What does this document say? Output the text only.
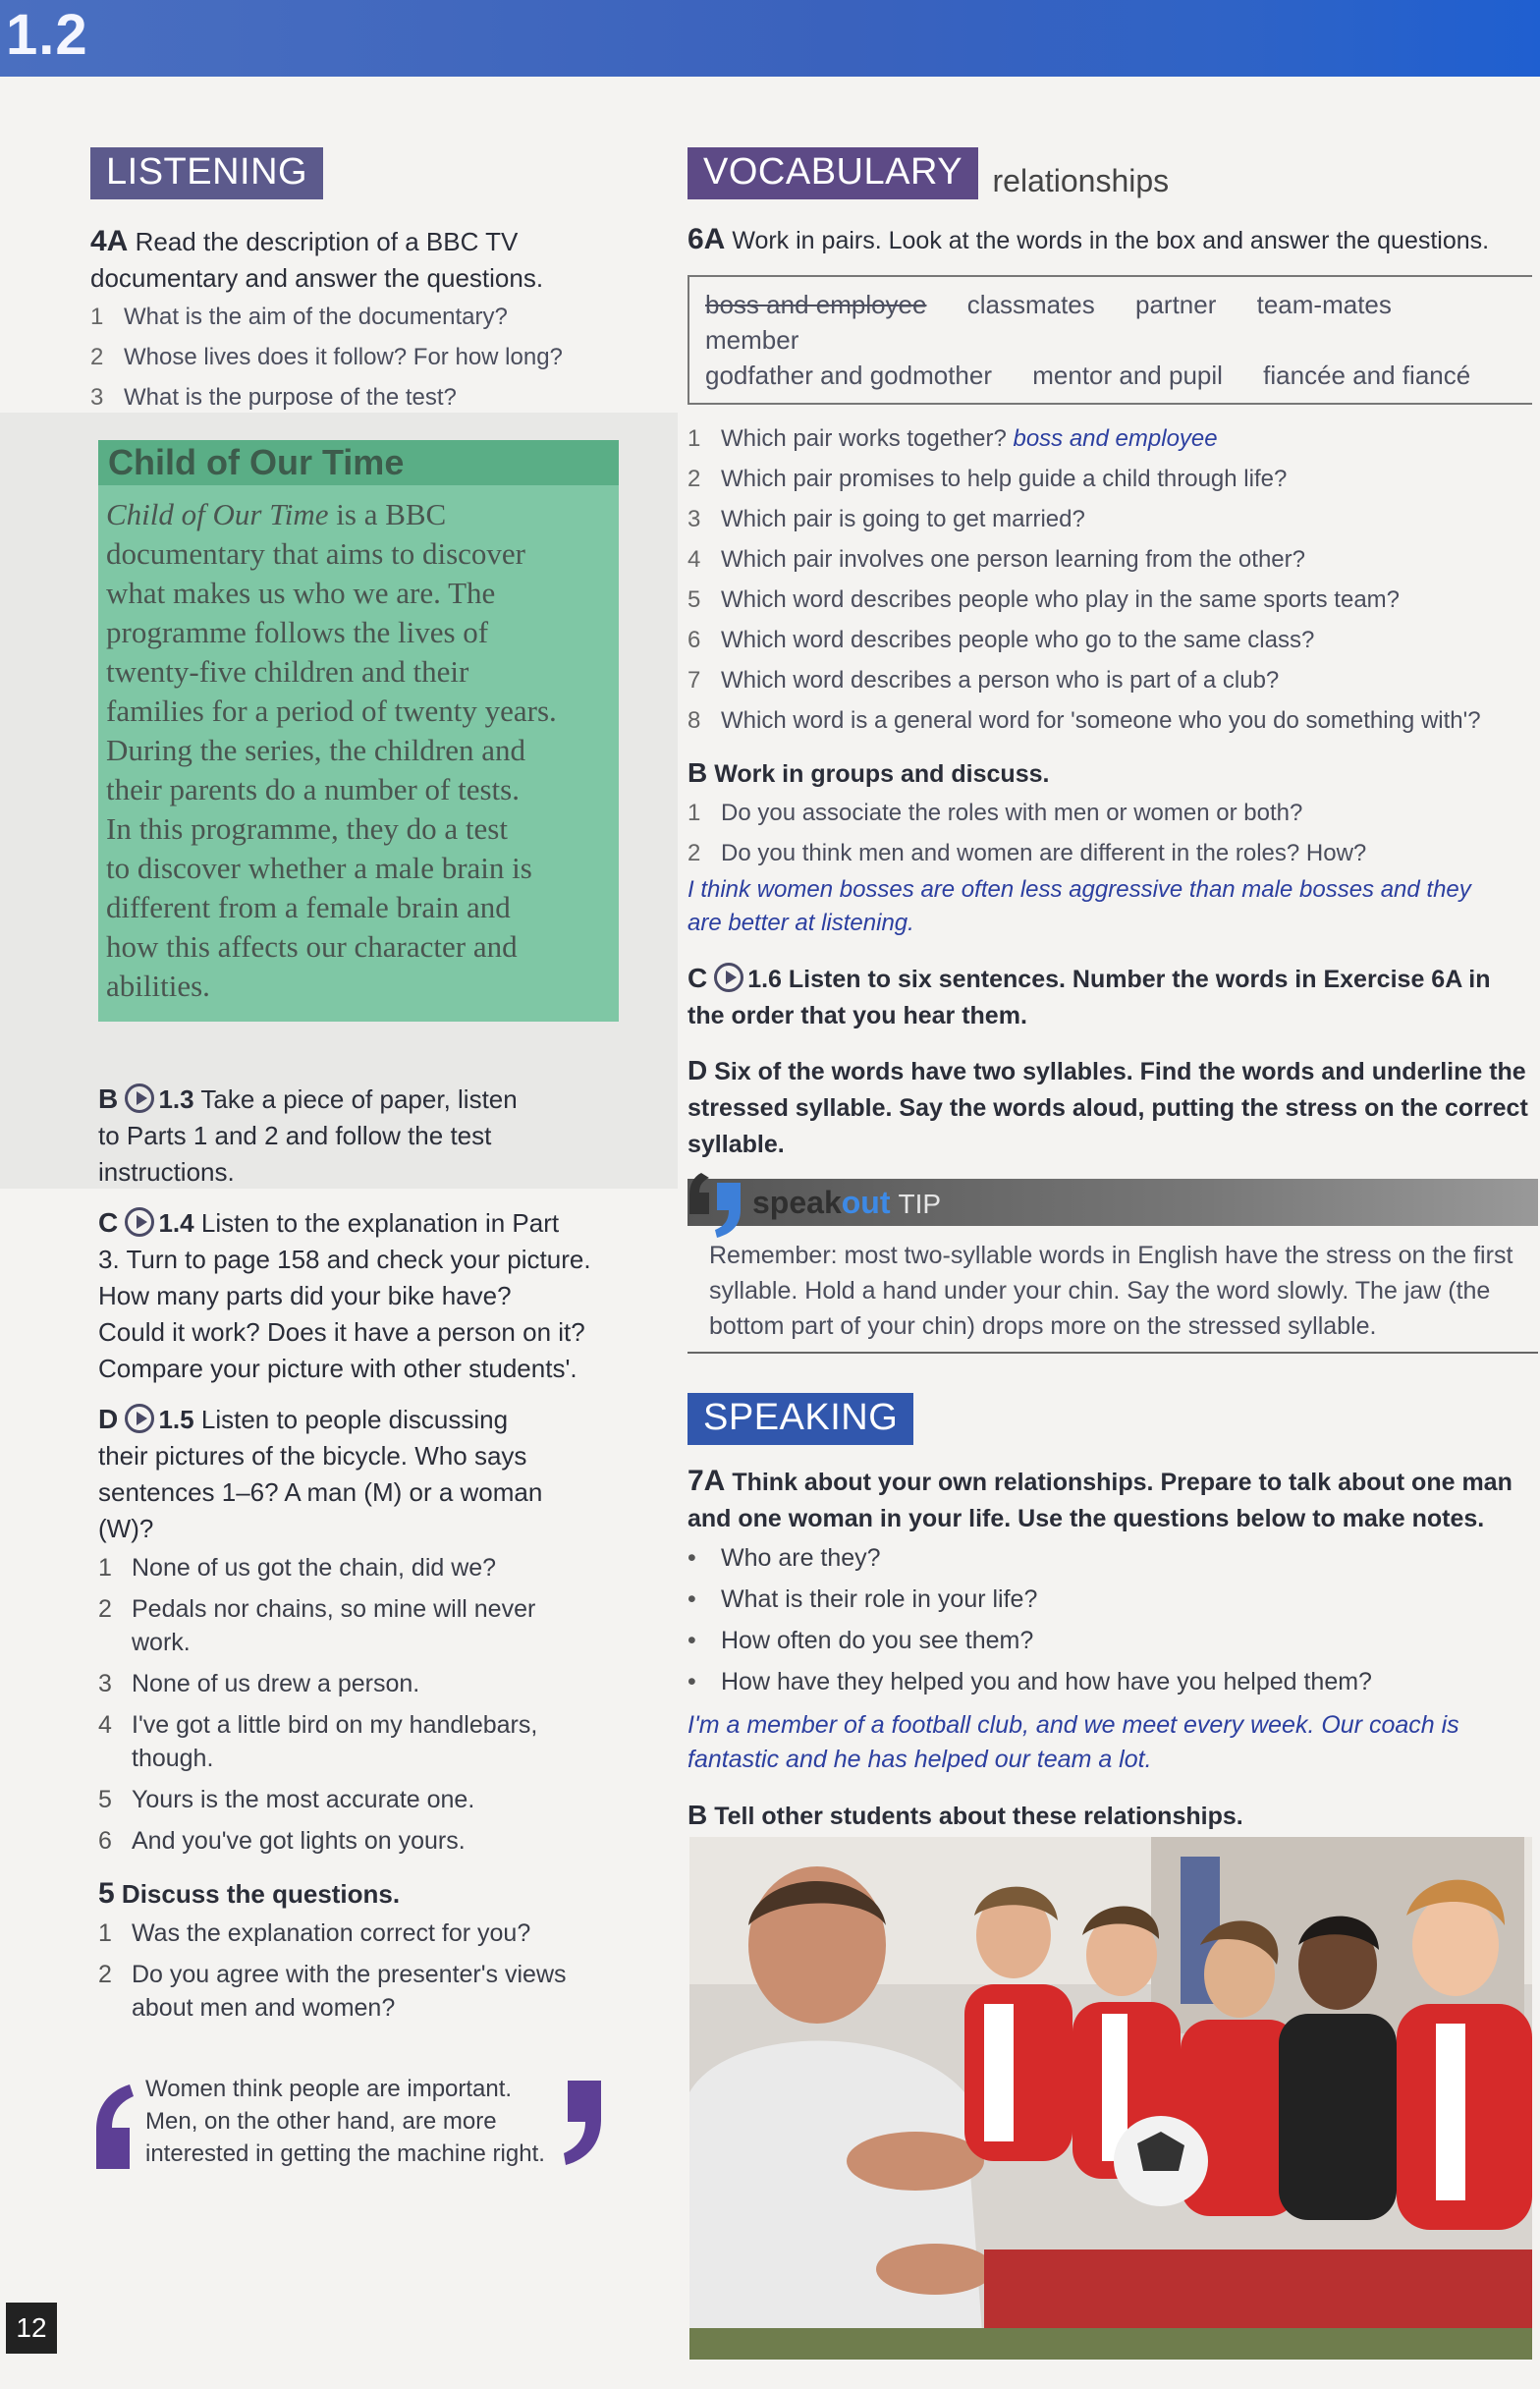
1.2
LISTENING
4A Read the description of a BBC TV
documentary and answer the questions.
1 What is the aim of the documentary?
2 Whose lives does it follow? For how long?
3 What is the purpose of the test?
Child of Our Time
Child of Our Time is a BBC
documentary that aims to discover
what makes us who we are. The
programme follows the lives of
twenty-five children and their
families for a period of twenty years.
During the series, the children and
their parents do a number of tests.
In this programme, they do a test
to discover whether a male brain is
different from a female brain and
how this affects our character and
abilities.
B 1.3 Take a piece of paper, listen
to Parts 1 and 2 and follow the test
instructions.
C 1.4 Listen to the explanation in Part
3. Turn to page 158 and check your picture.
How many parts did your bike have?
Could it work? Does it have a person on it?
Compare your picture with other students'.
D 1.5 Listen to people discussing
their pictures of the bicycle. Who says
sentences 1–6? A man (M) or a woman
(W)?
1 None of us got the chain, did we?
2 Pedals nor chains, so mine will never
work.
3 None of us drew a person.
4 I've got a little bird on my handlebars,
though.
5 Yours is the most accurate one.
6 And you've got lights on yours.
5 Discuss the questions.
1 Was the explanation correct for you?
2 Do you agree with the presenter's views
about men and women?
Women think people are important.
Men, on the other hand, are more
interested in getting the machine right.
VOCABULARY relationships
6A Work in pairs. Look at the words in the box and answer the questions.
boss and employee classmates partner team-mates member
godfather and godmother mentor and pupil fiancée and fiancé
1 Which pair works together? boss and employee
2 Which pair promises to help guide a child through life?
3 Which pair is going to get married?
4 Which pair involves one person learning from the other?
5 Which word describes people who play in the same sports team?
6 Which word describes people who go to the same class?
7 Which word describes a person who is part of a club?
8 Which word is a general word for 'someone who you do something with'?
B Work in groups and discuss.
1 Do you associate the roles with men or women or both?
2 Do you think men and women are different in the roles? How?
I think women bosses are often less aggressive than male bosses and they
are better at listening.
C 1.6 Listen to six sentences. Number the words in Exercise 6A in
the order that you hear them.
D Six of the words have two syllables. Find the words and underline the
stressed syllable. Say the words aloud, putting the stress on the correct
syllable.
speakout TIP
Remember: most two-syllable words in English have the stress on the first
syllable. Hold a hand under your chin. Say the word slowly. The jaw (the
bottom part of your chin) drops more on the stressed syllable.
SPEAKING
7A Think about your own relationships. Prepare to talk about one man
and one woman in your life. Use the questions below to make notes.
• Who are they?
• What is their role in your life?
• How often do you see them?
• How have they helped you and how have you helped them?
I'm a member of a football club, and we meet every week. Our coach is
fantastic and he has helped our team a lot.
B Tell other students about these relationships.
12
